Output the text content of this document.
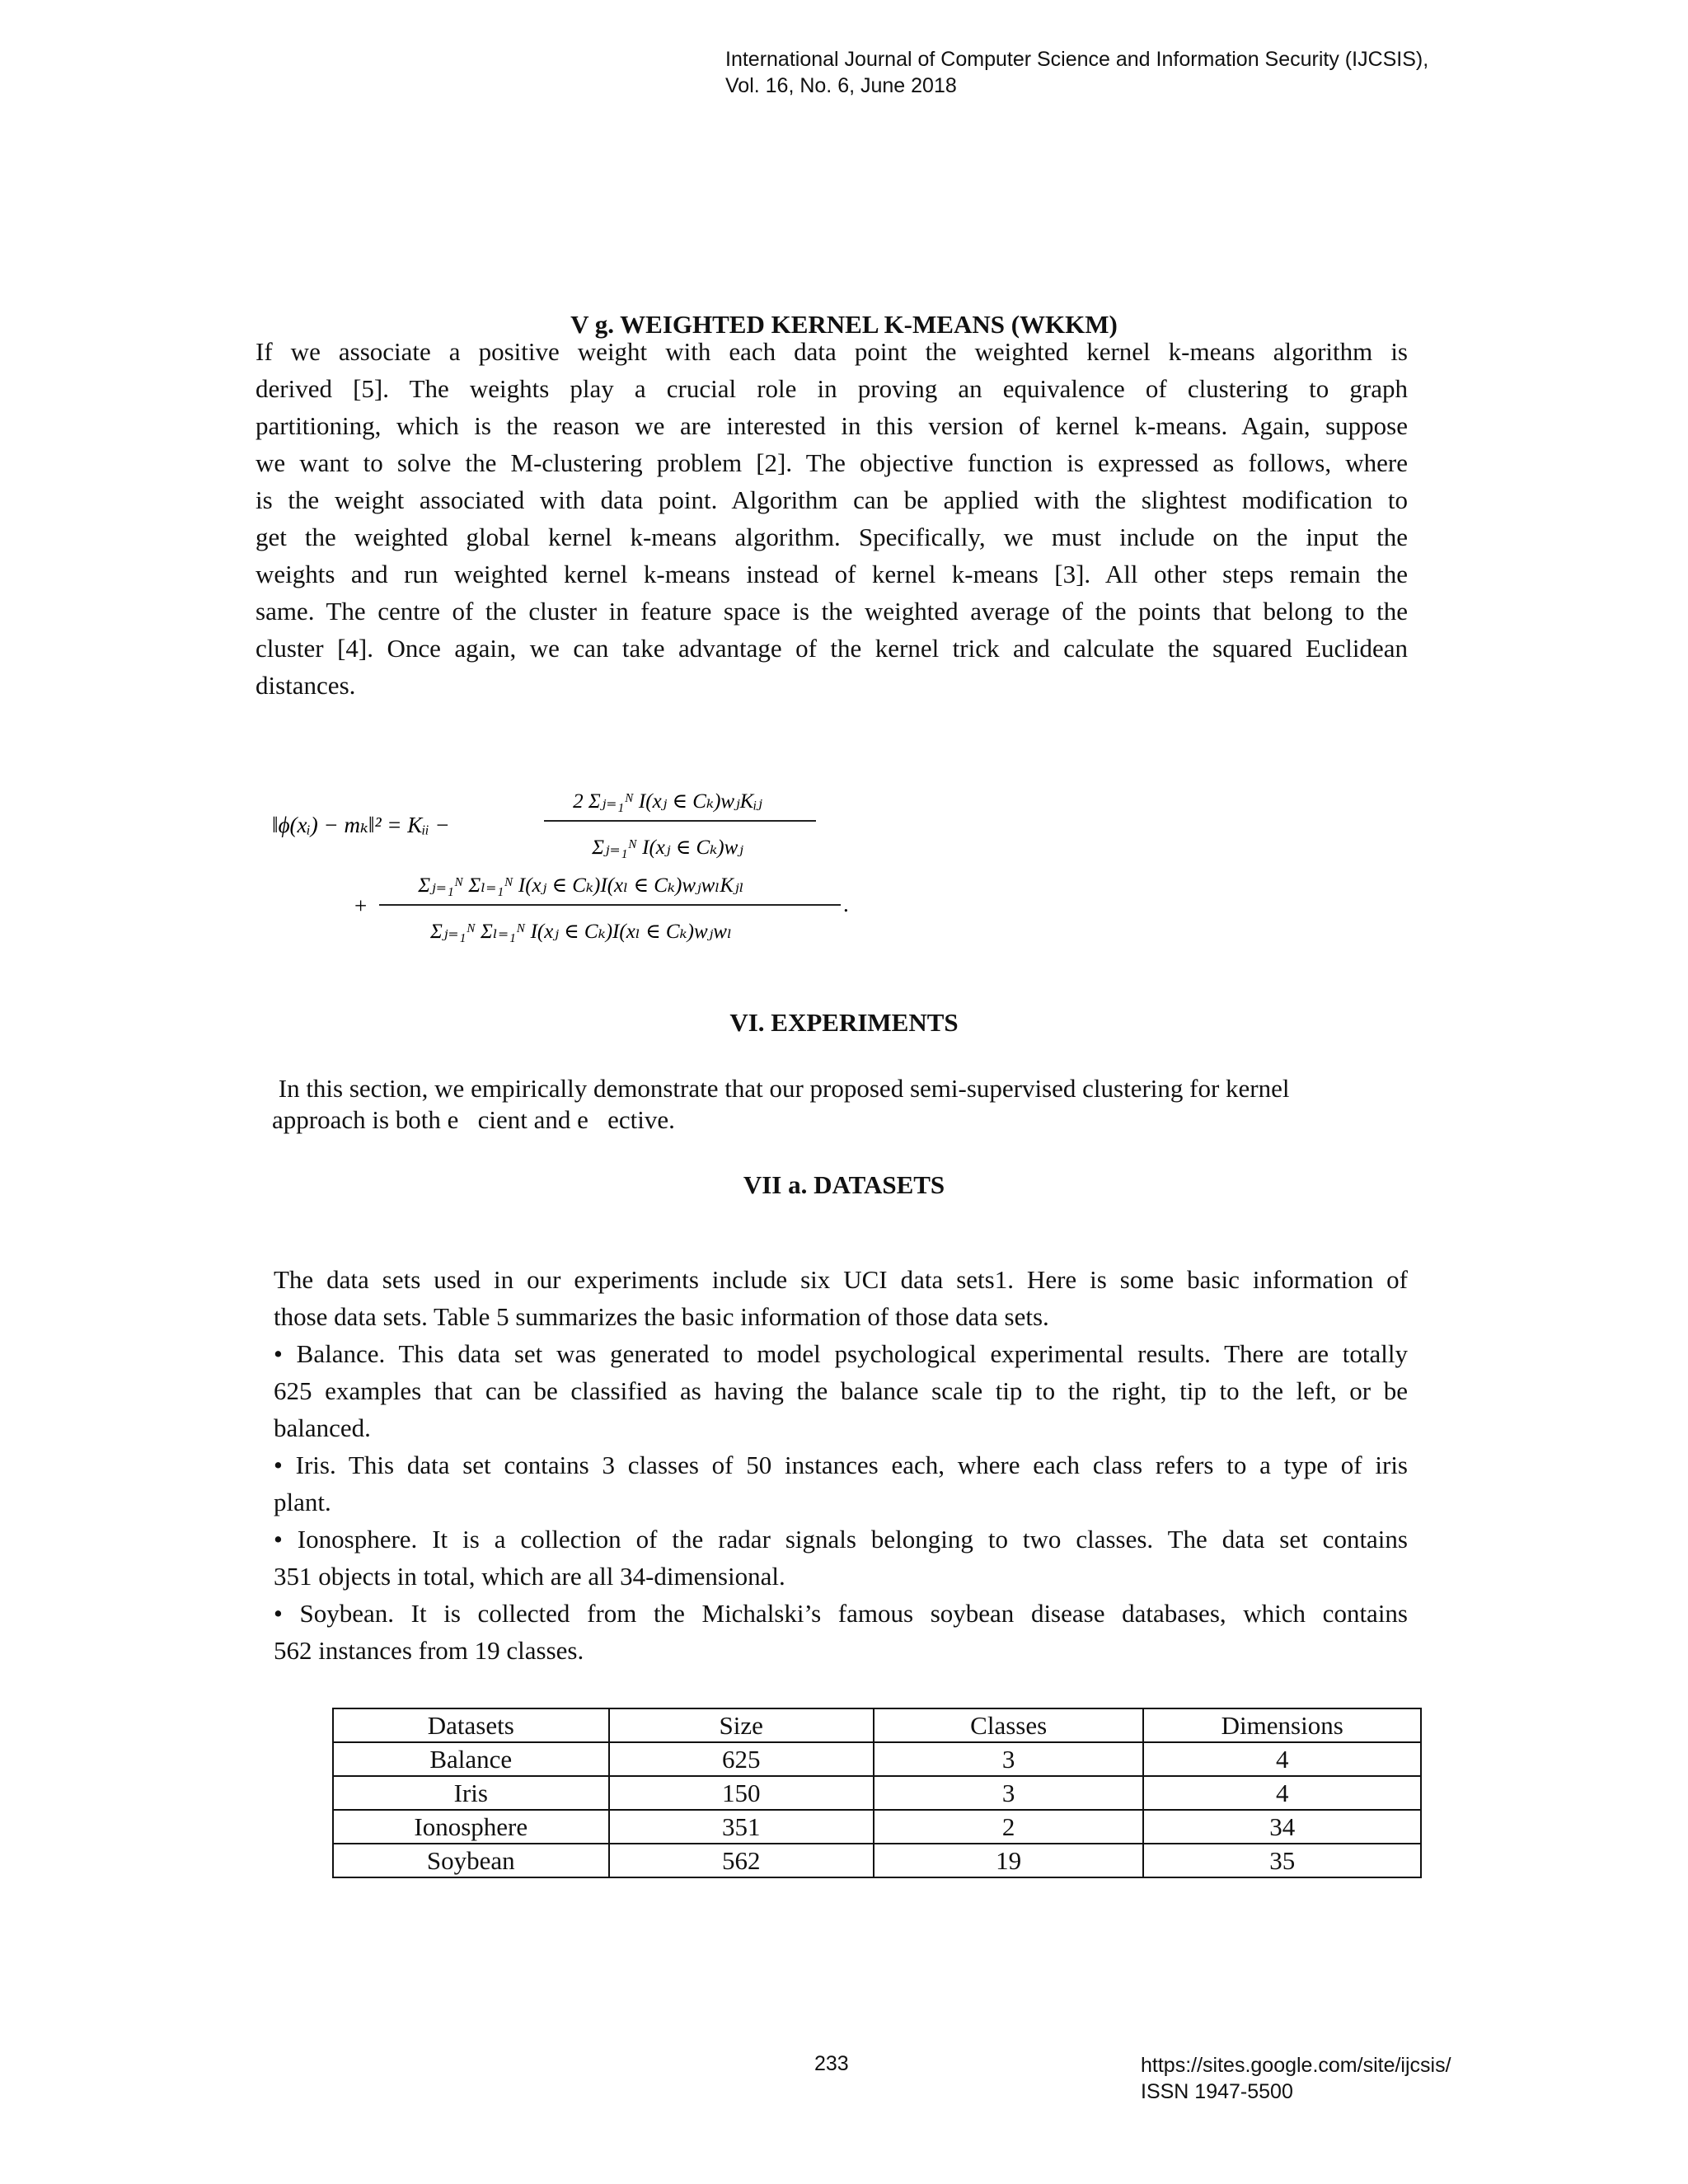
International Journal of Computer Science and Information Security (IJCSIS),
Vol. 16, No. 6, June 2018
V g. WEIGHTED KERNEL K-MEANS (WKKM)
If we associate a positive weight with each data point the weighted kernel k-means algorithm is
derived [5]. The weights play a crucial role in proving an equivalence of clustering to graph
partitioning, which is the reason we are interested in this version of kernel k-means. Again, suppose
we want to solve the M-clustering problem [2]. The objective function is expressed as follows, where
is the weight associated with data point. Algorithm can be applied with the slightest modification to
get the weighted global kernel k-means algorithm. Specifically, we must include on the input the
weights and run weighted kernel k-means instead of kernel k-means [3]. All other steps remain the
same. The centre of the cluster in feature space is the weighted average of the points that belong to the
cluster [4]. Once again, we can take advantage of the kernel trick and calculate the squared Euclidean
distances.
‖ϕ(xᵢ) − mₖ‖² = Kᵢᵢ −
2 Σⱼ₌₁ᴺ I(xⱼ ∈ Cₖ)wⱼKᵢⱼ
Σⱼ₌₁ᴺ I(xⱼ ∈ Cₖ)wⱼ
+
Σⱼ₌₁ᴺ Σₗ₌₁ᴺ I(xⱼ ∈ Cₖ)I(xₗ ∈ Cₖ)wⱼwₗKⱼₗ
Σⱼ₌₁ᴺ Σₗ₌₁ᴺ I(xⱼ ∈ Cₖ)I(xₗ ∈ Cₖ)wⱼwₗ
.
VI. EXPERIMENTS
In this section, we empirically demonstrate that our proposed semi-supervised clustering for kernel
approach is both e   cient and e   ective.
VII a. DATASETS
The data sets used in our experiments include six UCI data sets1. Here is some basic information of
those data sets. Table 5 summarizes the basic information of those data sets.
• Balance. This data set was generated to model psychological experimental results. There are totally
625 examples that can be classified as having the balance scale tip to the right, tip to the left, or be
balanced.
• Iris. This data set contains 3 classes of 50 instances each, where each class refers to a type of iris
plant.
• Ionosphere. It is a collection of the radar signals belonging to two classes. The data set contains
351 objects in total, which are all 34-dimensional.
• Soybean. It is collected from the Michalski’s famous soybean disease databases, which contains
562 instances from 19 classes.
Datasets	Size	Classes	Dimensions
Balance	625	3	4
Iris	150	3	4
Ionosphere	351	2	34
Soybean	562	19	35
233	https://sites.google.com/site/ijcsis/
ISSN 1947-5500
